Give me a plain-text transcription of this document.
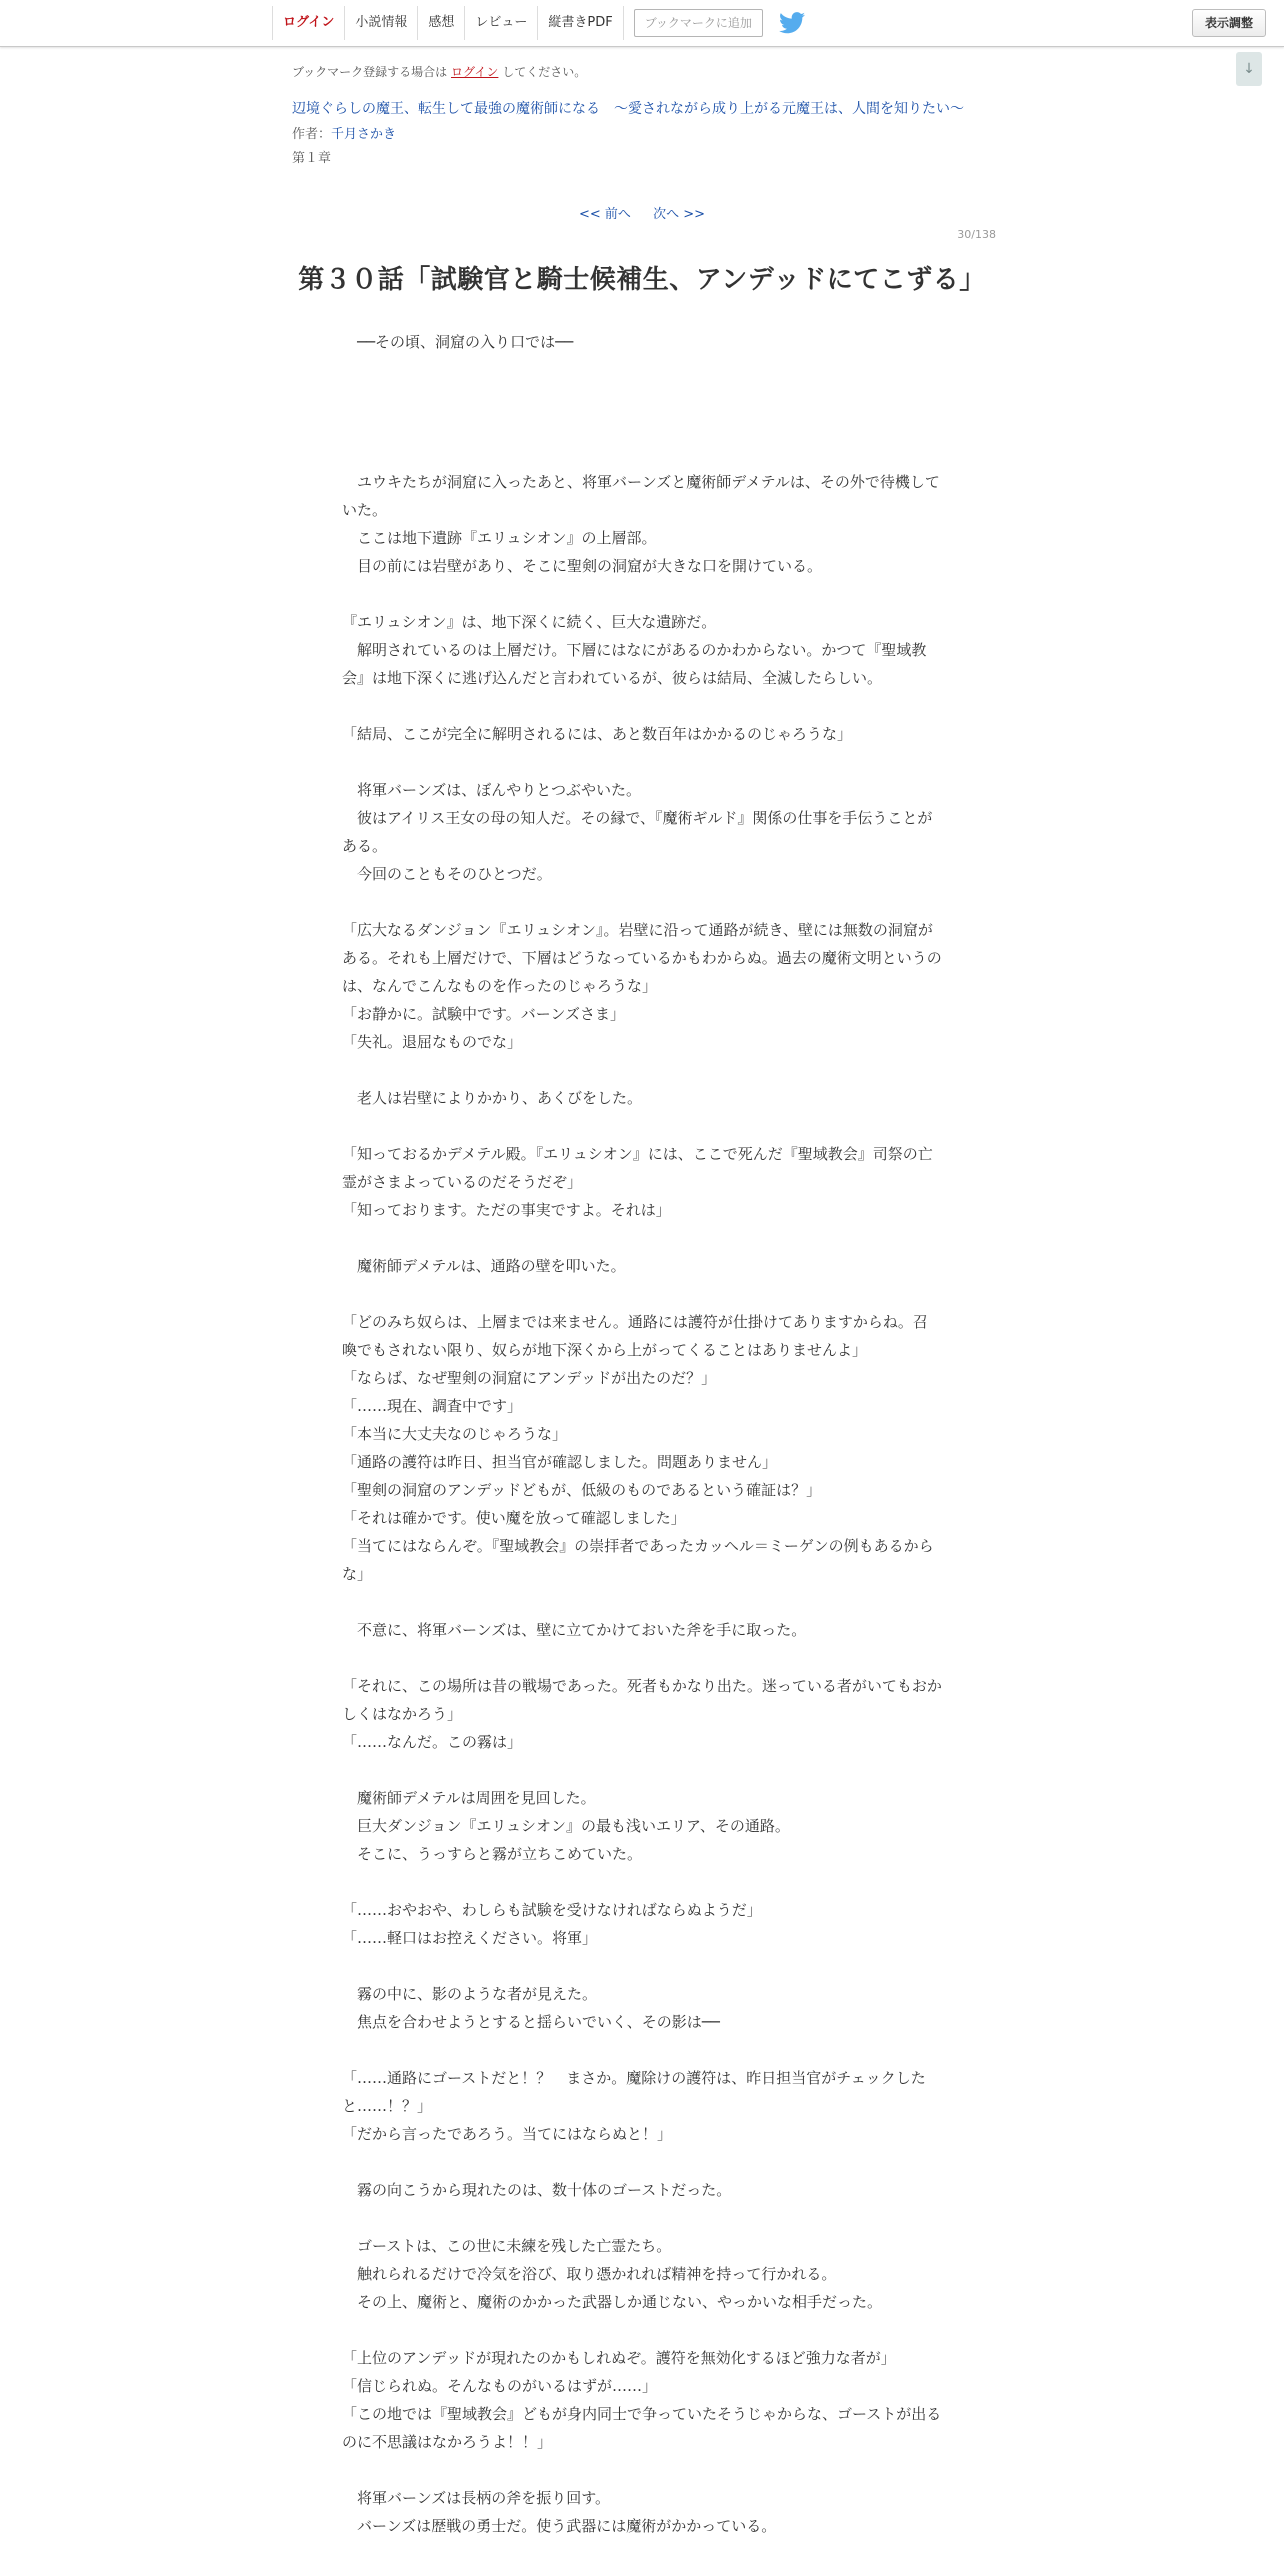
ログイン	小説情報	感想	レビュー	縦書きPDF	ブックマークに追加	表示調整
↓
ブックマーク登録する場合は ログイン してください。
辺境ぐらしの魔王、転生して最強の魔術師になる　〜愛されながら成り上がる元魔王は、人間を知りたい〜
作者：千月さかき
第１章
<< 前へ 次へ >>
30/138
第３０話「試験官と騎士候補生、アンデッドにてこずる」

　──その頃、洞窟の入り口では──

　ユウキたちが洞窟に入ったあと、将軍バーンズと魔術師デメテルは、その外で待機していた。

　ここは地下遺跡『エリュシオン』の上層部。

　目の前には岩壁があり、そこに聖剣の洞窟が大きな口を開けている。

『エリュシオン』は、地下深くに続く、巨大な遺跡だ。

　解明されているのは上層だけ。下層にはなにがあるのかわからない。かつて『聖域教会』は地下深くに逃げ込んだと言われているが、彼らは結局、全滅したらしい。

「結局、ここが完全に解明されるには、あと数百年はかかるのじゃろうな」

　将軍バーンズは、ぼんやりとつぶやいた。

　彼はアイリス王女の母の知人だ。その縁で、『魔術ギルド』関係の仕事を手伝うことがある。

　今回のこともそのひとつだ。

「広大なるダンジョン『エリュシオン』。岩壁に沿って通路が続き、壁には無数の洞窟がある。それも上層だけで、下層はどうなっているかもわからぬ。過去の魔術文明というのは、なんでこんなものを作ったのじゃろうな」

「お静かに。試験中です。バーンズさま」

「失礼。退屈なものでな」

　老人は岩壁によりかかり、あくびをした。

「知っておるかデメテル殿。『エリュシオン』には、ここで死んだ『聖域教会』司祭の亡霊がさまよっているのだそうだぞ」

「知っております。ただの事実ですよ。それは」

　魔術師デメテルは、通路の壁を叩いた。

「どのみち奴らは、上層までは来ません。通路には護符が仕掛けてありますからね。召喚でもされない限り、奴らが地下深くから上がってくることはありませんよ」

「ならば、なぜ聖剣の洞窟にアンデッドが出たのだ？」

「……現在、調査中です」

「本当に大丈夫なのじゃろうな」

「通路の護符は昨日、担当官が確認しました。問題ありません」

「聖剣の洞窟のアンデッドどもが、低級のものであるという確証は？」

「それは確かです。使い魔を放って確認しました」

「当てにはならんぞ。『聖域教会』の崇拝者であったカッヘル＝ミーゲンの例もあるからな」

　不意に、将軍バーンズは、壁に立てかけておいた斧を手に取った。

「それに、この場所は昔の戦場であった。死者もかなり出た。迷っている者がいてもおかしくはなかろう」

「……なんだ。この霧は」

　魔術師デメテルは周囲を見回した。

　巨大ダンジョン『エリュシオン』の最も浅いエリア、その通路。

　そこに、うっすらと霧が立ちこめていた。

「……おやおや、わしらも試験を受けなければならぬようだ」

「……軽口はお控えください。将軍」

　霧の中に、影のような者が見えた。

　焦点を合わせようとすると揺らいでいく、その影は──

「……通路にゴーストだと！？　まさか。魔除けの護符は、昨日担当官がチェックしたと……！？」

「だから言ったであろう。当てにはならぬと！」

　霧の向こうから現れたのは、数十体のゴーストだった。

　ゴーストは、この世に未練を残した亡霊たち。

　触れられるだけで冷気を浴び、取り憑かれれば精神を持って行かれる。

　その上、魔術と、魔術のかかった武器しか通じない、やっかいな相手だった。

「上位のアンデッドが現れたのかもしれぬぞ。護符を無効化するほど強力な者が」

「信じられぬ。そんなものがいるはずが……」

「この地では『聖域教会』どもが身内同士で争っていたそうじゃからな、ゴーストが出るのに不思議はなかろうよ！！」

　将軍バーンズは長柄の斧を振り回す。

　バーンズは歴戦の勇士だ。使う武器には魔術がかかっている。
